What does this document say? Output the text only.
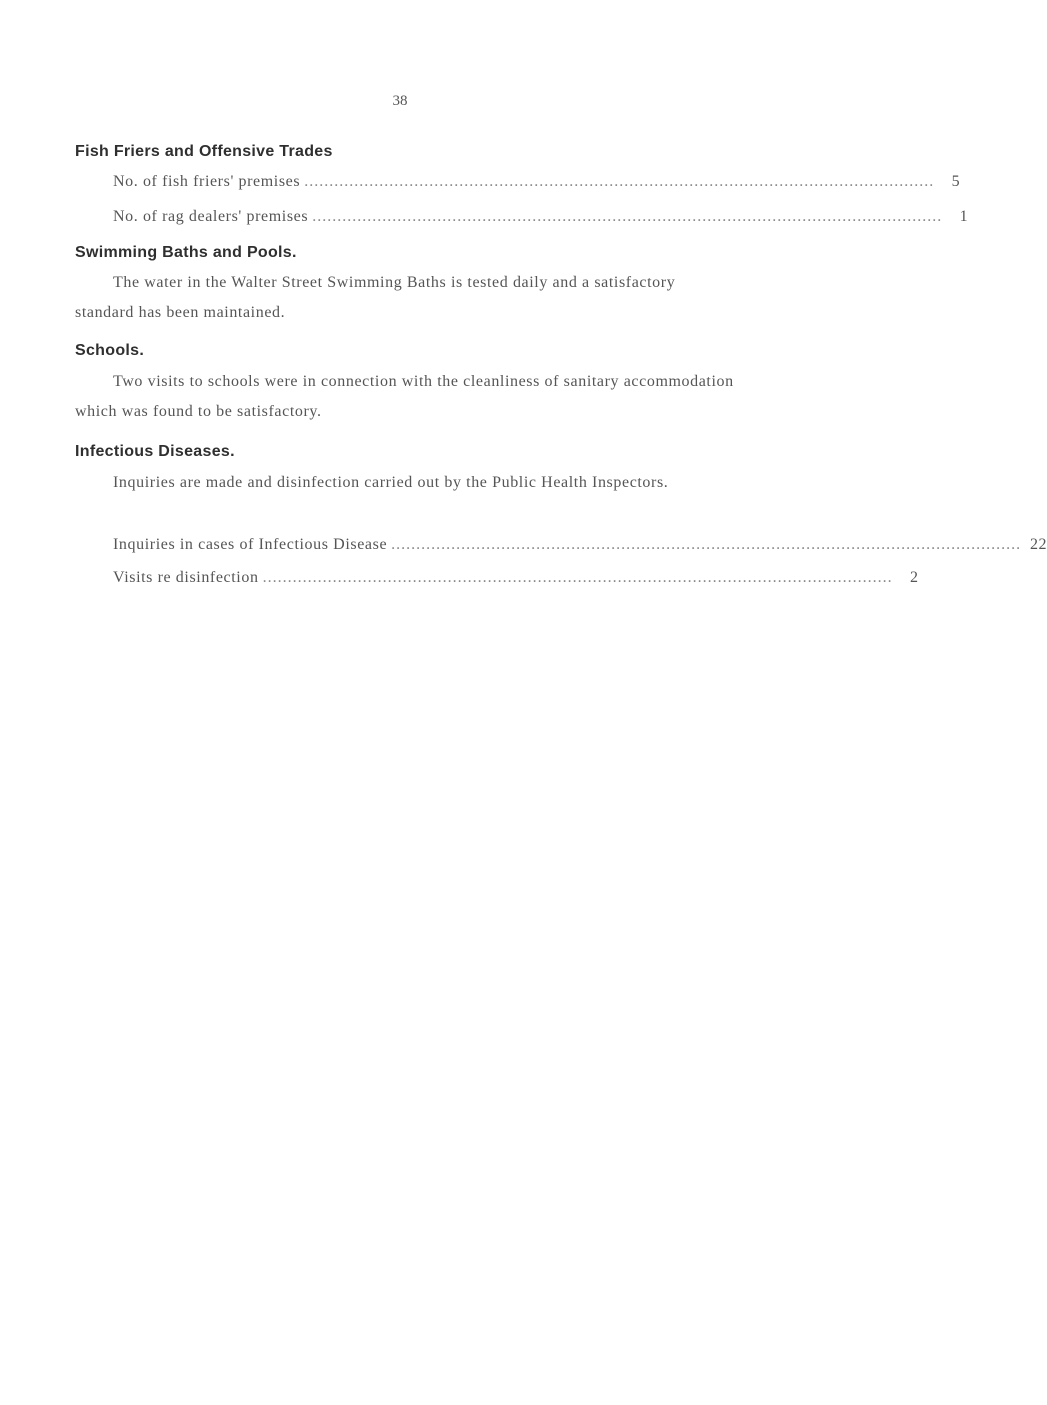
38
Fish Friers and Offensive Trades
No. of fish friers' premises ..............................................................................................................................	5
No. of rag dealers' premises ..............................................................................................................................	1
Swimming Baths and Pools.
The water in the Walter Street Swimming Baths is tested daily and a satisfactory standard has been maintained.
Schools.
Two visits to schools were in connection with the cleanliness of sanitary accommodation which was found to be satisfactory.
Infectious Diseases.
Inquiries are made and disinfection carried out by the Public Health Inspectors.
Inquiries in cases of Infectious Disease .............................................................................................................................. 22
Visits re disinfection ..............................................................................................................................	2
